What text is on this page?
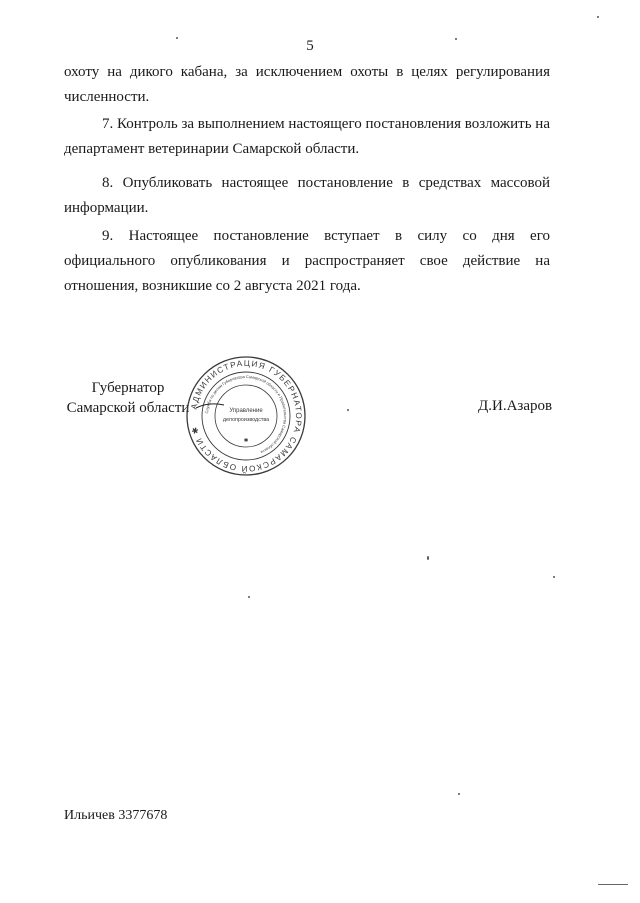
5

охоту на дикого кабана, за исключением охоты в целях регулирования численности.

7. Контроль за выполнением настоящего постановления возложить на департамент ветеринарии Самарской области.

8. Опубликовать настоящее постановление в средствах массовой информации.

9. Настоящее постановление вступает в силу со дня его официального опубликования и распространяет свое действие на отношения, возникшие со 2 августа 2021 года.

Губернатор
Самарской области АДМИНИСТРАЦИЯ ГУБЕРНАТОРА САМАРСКОЙ ОБЛАСТИ ✱
Служба по делам Губернатора Самарской области и Правительства Самарской области
Управление
делопроизводства
✱
Д.И.Азаров
Ильичев 3377678
